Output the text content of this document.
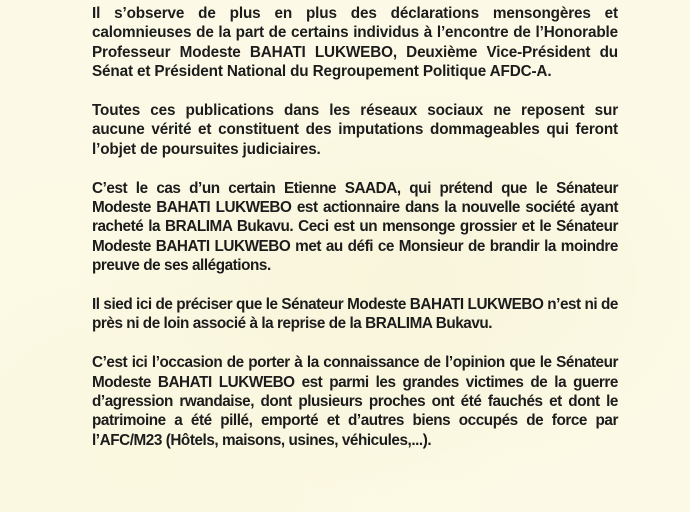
Il s’observe de plus en plus des déclarations mensongères et calomnieuses de la part de certains individus à l’encontre de l’Honorable Professeur Modeste BAHATI LUKWEBO, Deuxième Vice-Président du Sénat et Président National du Regroupement Politique AFDC-A.

Toutes ces publications dans les réseaux sociaux ne reposent sur aucune vérité et constituent des imputations dommageables qui feront l’objet de poursuites judiciaires.

C’est le cas d’un certain Etienne SAADA, qui prétend que le Sénateur Modeste BAHATI LUKWEBO est actionnaire dans la nouvelle société ayant racheté la BRALIMA Bukavu. Ceci est un mensonge grossier et le Sénateur Modeste BAHATI LUKWEBO met au défi ce Monsieur de brandir la moindre preuve de ses allégations.

Il sied ici de préciser que le Sénateur Modeste BAHATI LUKWEBO n’est ni de près ni de loin associé à la reprise de la BRALIMA Bukavu.

C’est ici l’occasion de porter à la connaissance de l’opinion que le Sénateur Modeste BAHATI LUKWEBO est parmi les grandes victimes de la guerre d’agression rwandaise, dont plusieurs proches ont été fauchés et dont le patrimoine a été pillé, emporté et d’autres biens occupés de force par l’AFC/M23 (Hôtels, maisons, usines, véhicules,...).
